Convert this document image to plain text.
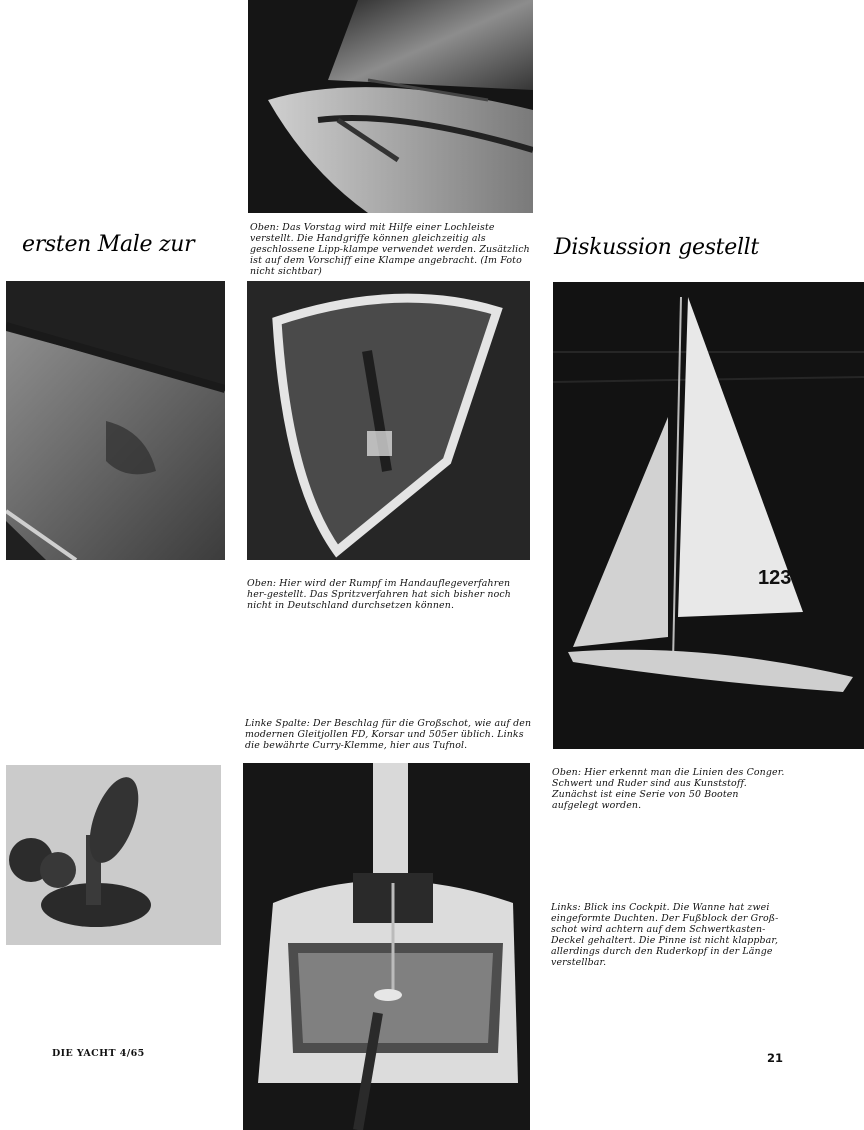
Oben: Das Vorstag wird mit Hilfe einer Lochleiste verstellt. Die Handgriffe können gleichzeitig als geschlossene Lipp-klampe verwendet werden. Zusätzlich ist auf dem Vorschiff eine Klampe angebracht. (Im Foto nicht sichtbar)
ersten Male zur	Diskussion gestellt
Oben: Hier wird der Rumpf im Handauflegeverfahren her-gestellt. Das Spritzverfahren hat sich bisher noch nicht in Deutschland durchsetzen können.
123
Linke Spalte: Der Beschlag für die Großschot, wie auf den modernen Gleitjollen FD, Korsar und 505er üblich. Links die bewährte Curry-Klemme, hier aus Tufnol.
Oben: Hier erkennt man die Linien des Conger. Schwert und Ruder sind aus Kunststoff. Zunächst ist eine Serie von 50 Booten aufgelegt worden.
Links: Blick ins Cockpit. Die Wanne hat zwei eingeformte Duchten. Der Fußblock der Groß-schot wird achtern auf dem Schwertkasten-Deckel gehaltert. Die Pinne ist nicht klappbar, allerdings durch den Ruderkopf in der Länge verstellbar.
DIE YACHT 4/65	21
